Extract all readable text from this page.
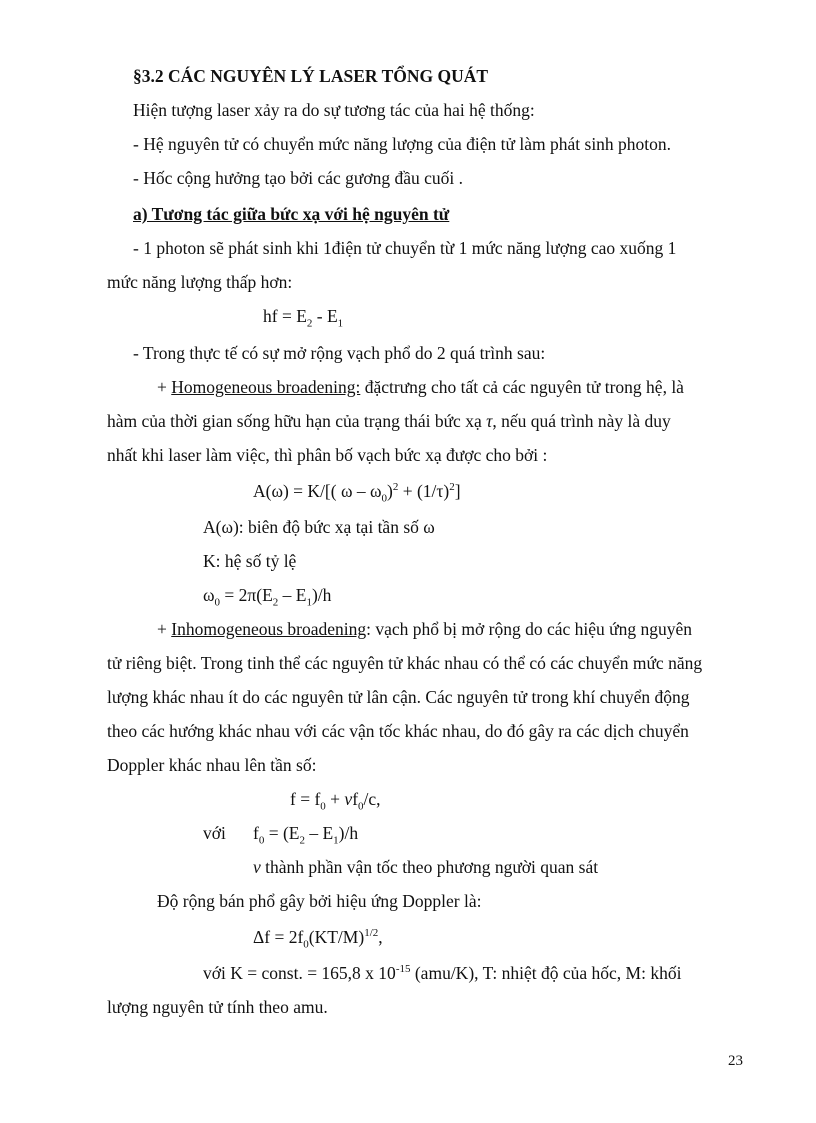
§3.2 CÁC NGUYÊN LÝ LASER TỔNG QUÁT
Hiện tượng laser xảy ra do sự tương tác của hai hệ thống:
- Hệ nguyên tử có chuyển mức năng lượng của điện tử làm phát sinh photon.
- Hốc cộng hưởng tạo bởi các gương đầu cuối .
a) Tương tác giữa bức xạ với hệ nguyên tử
- 1 photon sẽ phát sinh khi 1điện tử chuyển từ 1 mức năng lượng cao xuống 1
mức năng lượng thấp hơn:
hf = $E_2 - E_1$
- Trong thực tế có sự mở rộng vạch phổ do 2 quá trình sau:
+ Homogeneous broadening: đặctrưng cho tất cả các nguyên tử trong hệ, là
hàm của thời gian sống hữu hạn của trạng thái bức xạ τ, nếu quá trình này là duy
nhất khi laser làm việc, thì phân bố vạch bức xạ được cho bởi :
A(ω) = K/[( $\omega - \omega_0)^2 + (1/\tau)^2$]
A(ω): biên độ bức xạ tại tần số ω
K: hệ số tỷ lệ
$\omega_0 = 2\pi(E_2 - E_1)/h$
+ Inhomogeneous broadening: vạch phổ bị mở rộng do các hiệu ứng nguyên
tử riêng biệt. Trong tinh thể các nguyên tử khác nhau có thể có các chuyển mức năng
lượng khác nhau ít do các nguyên tử lân cận. Các nguyên tử trong khí chuyển động
theo các hướng khác nhau với các vận tốc khác nhau, do đó gây ra các dịch chuyển
Doppler khác nhau lên tần số:
$f = f_0 + vf_0/c$,
với $f_0 = (E_2 - E_1)/h$
v thành phần vận tốc theo phương người quan sát
Độ rộng bán phổ gây bởi hiệu ứng Doppler là:
$\Delta f = 2f_0(KT/M)^{1/2}$,
với K = const. = 165,8 x $10^{-15}$ (amu/K), T: nhiệt độ của hốc, M: khối
lượng nguyên tử tính theo amu.
23
